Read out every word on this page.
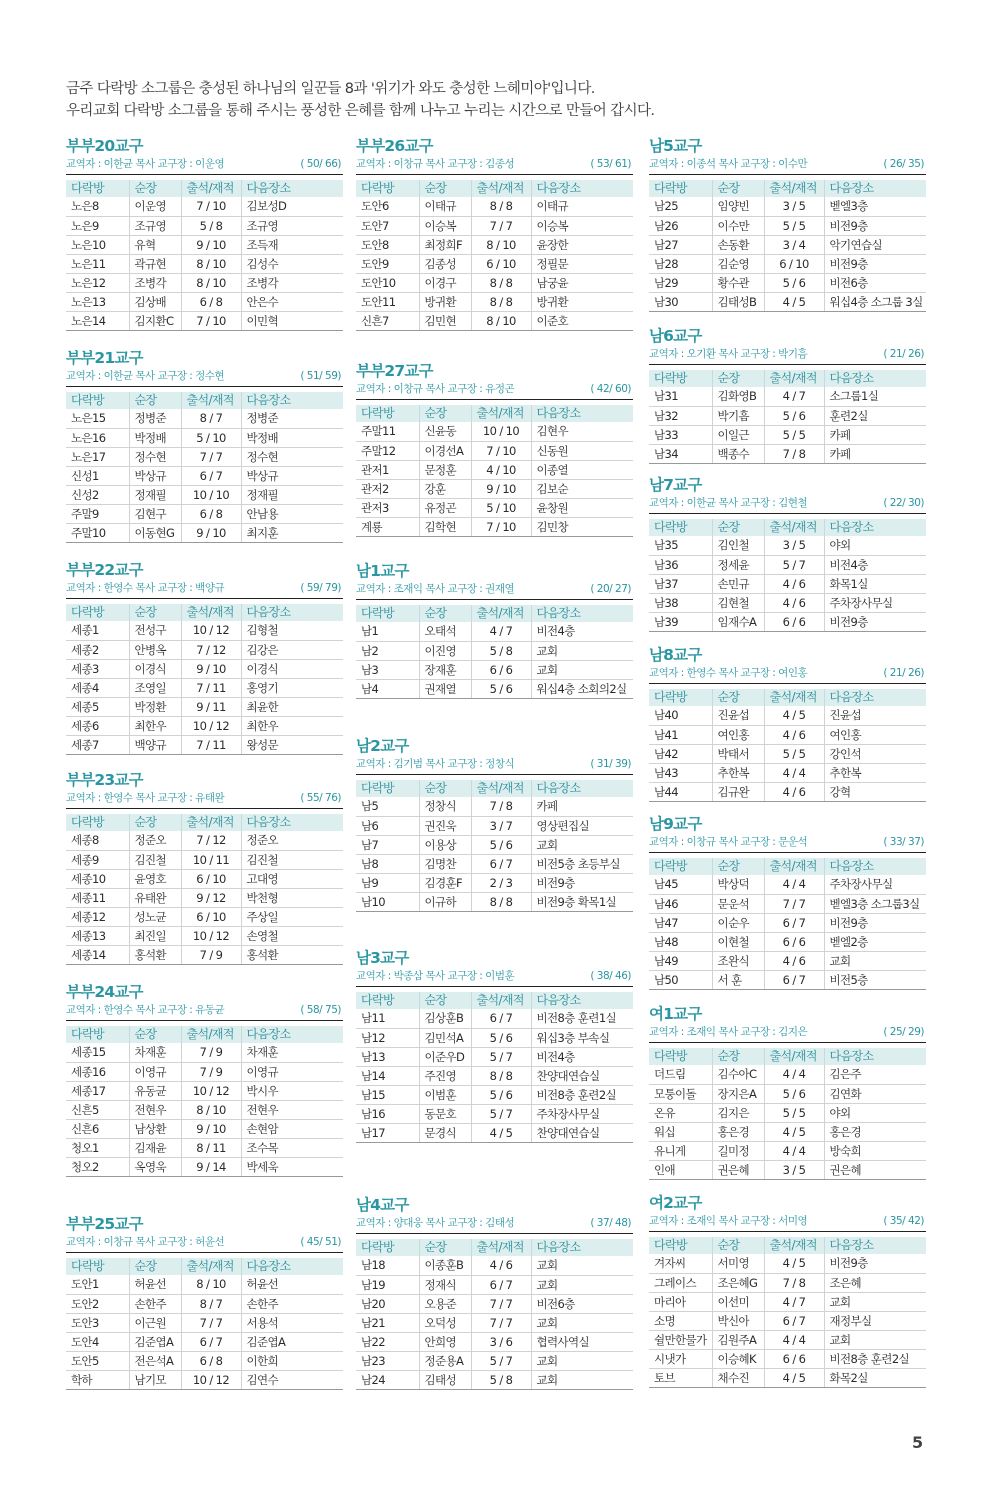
금주 다락방 소그룹은 충성된 하나님의 일꾼들 8과 '위기가 와도 충성한 느헤미야'입니다.

우리교회 다락방 소그룹을 통해 주시는 풍성한 은혜를 함께 나누고 누리는 시간으로 만들어 갑시다.

부부20교구
교역자 : 이한균 목사 교구장 : 이운영	( 50/ 66)
다락방	순장	출석/재적	다음장소
노은8	이운영	7 / 10	김보성D
노은9	조규영	5 / 8	조규영
노은10	유혁	9 / 10	조득재
노은11	곽규현	8 / 10	김성수
노은12	조병각	8 / 10	조병각
노은13	김상배	6 / 8	안은수
노은14	김지환C	7 / 10	이민혁
부부21교구
교역자 : 이한균 목사 교구장 : 정수현	( 51/ 59)
다락방	순장	출석/재적	다음장소
노은15	정병준	8 / 7	정병준
노은16	박정배	5 / 10	박정배
노은17	정수현	7 / 7	정수현
신성1	박상규	6 / 7	박상규
신성2	정재필	10 / 10	정재필
주말9	김현구	6 / 8	안남용
주말10	이동현G	9 / 10	최지훈
부부22교구
교역자 : 한영수 목사 교구장 : 백양규	( 59/ 79)
다락방	순장	출석/재적	다음장소
세종1	전성구	10 / 12	김형철
세종2	안병옥	7 / 12	김강은
세종3	이경식	9 / 10	이경식
세종4	조영일	7 / 11	홍영기
세종5	박정환	9 / 11	최윤한
세종6	최한우	10 / 12	최한우
세종7	백양규	7 / 11	왕성문
부부23교구
교역자 : 한영수 목사 교구장 : 유태완	( 55/ 76)
다락방	순장	출석/재적	다음장소
세종8	정준오	7 / 12	정준오
세종9	김진철	10 / 11	김진철
세종10	윤영호	6 / 10	고대영
세종11	유태완	9 / 12	박천형
세종12	성노균	6 / 10	주상일
세종13	최진일	10 / 12	손영철
세종14	홍석환	7 / 9	홍석환
부부24교구
교역자 : 한영수 목사 교구장 : 유동균	( 58/ 75)
다락방	순장	출석/재적	다음장소
세종15	차재훈	7 / 9	차재훈
세종16	이영규	7 / 9	이영규
세종17	유동균	10 / 12	박시우
신흔5	전현우	8 / 10	전현우
신흔6	남상환	9 / 10	손현암
청오1	김재윤	8 / 11	조수목
청오2	옥영욱	9 / 14	박세욱
부부25교구
교역자 : 이창규 목사 교구장 : 허윤선	( 45/ 51)
다락방	순장	출석/재적	다음장소
도안1	허윤선	8 / 10	허윤선
도안2	손한주	8 / 7	손한주
도안3	이근원	7 / 7	서용석
도안4	김준엽A	6 / 7	김준엽A
도안5	전은석A	6 / 8	이한희
학하	남기모	10 / 12	김연수
부부26교구
교역자 : 이창규 목사 교구장 : 김종성	( 53/ 61)
다락방	순장	출석/재적	다음장소
도안6	이태규	8 / 8	이태규
도안7	이승복	7 / 7	이승복
도안8	최정희F	8 / 10	윤장한
도안9	김종성	6 / 10	정필문
도안10	이경구	8 / 8	남궁윤
도안11	방귀환	8 / 8	방귀환
신흔7	김민현	8 / 10	이준호
부부27교구
교역자 : 이창규 목사 교구장 : 유정곤	( 42/ 60)
다락방	순장	출석/재적	다음장소
주말11	신윤동	10 / 10	김현우
주말12	이경선A	7 / 10	신동원
관저1	문정훈	4 / 10	이종열
관저2	강훈	9 / 10	김보순
관저3	유정곤	5 / 10	윤창원
계룡	김학현	7 / 10	김민창
남1교구
교역자 : 조재익 목사 교구장 : 권재열	( 20/ 27)
다락방	순장	출석/재적	다음장소
남1	오태석	4 / 7	비전4층
남2	이진영	5 / 8	교회
남3	장재훈	6 / 6	교회
남4	권재열	5 / 6	워십4층 소회의2실
남2교구
교역자 : 김기범 목사 교구장 : 정창식	( 31/ 39)
다락방	순장	출석/재적	다음장소
남5	정창식	7 / 8	카페
남6	권진욱	3 / 7	영상편집실
남7	이용상	5 / 6	교회
남8	김명찬	6 / 7	비전5층 초등부실
남9	김경훈F	2 / 3	비전9층
남10	이규하	8 / 8	비전9층 확목1실
남3교구
교역자 : 박종삼 목사 교구장 : 이범훈	( 38/ 46)
다락방	순장	출석/재적	다음장소
남11	김상훈B	6 / 7	비전8층 훈련1실
남12	김민석A	5 / 6	워십3층 부속실
남13	이준우D	5 / 7	비전4층
남14	주진영	8 / 8	찬양대연습실
남15	이범훈	5 / 6	비전8층 훈련2실
남16	동문호	5 / 7	주차장사무실
남17	문경식	4 / 5	찬양대연습실
남4교구
교역자 : 양대웅 목사 교구장 : 김태성	( 37/ 48)
다락방	순장	출석/재적	다음장소
남18	이종훈B	4 / 6	교회
남19	정재식	6 / 7	교회
남20	오용준	7 / 7	비전6층
남21	오덕성	7 / 7	교회
남22	안희영	3 / 6	협력사역실
남23	정준용A	5 / 7	교회
남24	김태성	5 / 8	교회
남5교구
교역자 : 이종석 목사 교구장 : 이수만	( 26/ 35)
다락방	순장	출석/재적	다음장소
남25	임양빈	3 / 5	벧엘3층
남26	이수만	5 / 5	비전9층
남27	손동환	3 / 4	악기연습실
남28	김순영	6 / 10	비전9층
남29	황수관	5 / 6	비전6층
남30	김태성B	4 / 5	워십4층 소그룹 3실
남6교구
교역자 : 오기환 목사 교구장 : 박기흠	( 21/ 26)
다락방	순장	출석/재적	다음장소
남31	김화영B	4 / 7	소그룹1실
남32	박기흠	5 / 6	훈련2실
남33	이일근	5 / 5	카페
남34	백종수	7 / 8	카페
남7교구
교역자 : 이한균 목사 교구장 : 김현철	( 22/ 30)
다락방	순장	출석/재적	다음장소
남35	김인철	3 / 5	야외
남36	정세윤	5 / 7	비전4층
남37	손민규	4 / 6	화목1실
남38	김현철	4 / 6	주차장사무실
남39	임재수A	6 / 6	비전9층
남8교구
교역자 : 한영수 목사 교구장 : 여인홍	( 21/ 26)
다락방	순장	출석/재적	다음장소
남40	진윤섭	4 / 5	진윤섭
남41	여인홍	4 / 6	여인홍
남42	박태서	5 / 5	강인석
남43	추한복	4 / 4	추한복
남44	김규완	4 / 6	강혁
남9교구
교역자 : 이창규 목사 교구장 : 문운석	( 33/ 37)
다락방	순장	출석/재적	다음장소
남45	박상덕	4 / 4	주차장사무실
남46	문운석	7 / 7	벧엘3층 소그룹3실
남47	이순우	6 / 7	비전9층
남48	이현철	6 / 6	벧엘2층
남49	조완식	4 / 6	교회
남50	서 훈	6 / 7	비전5층
여1교구
교역자 : 조재익 목사 교구장 : 김지은	( 25/ 29)
다락방	순장	출석/재적	다음장소
더드림	김수아C	4 / 4	김은주
모퉁이돌	장지은A	5 / 6	김연화
온유	김지은	5 / 5	야외
워십	홍은경	4 / 5	홍은경
유니게	길미정	4 / 4	방숙희
인애	권은혜	3 / 5	권은혜
여2교구
교역자 : 조재익 목사 교구장 : 서미영	( 35/ 42)
다락방	순장	출석/재적	다음장소
겨자씨	서미영	4 / 5	비전9층
그레이스	조은혜G	7 / 8	조은혜
마리아	이선미	4 / 7	교회
소명	박신아	6 / 7	재정부실
쉴만한물가	김원주A	4 / 4	교회
시냇가	이승혜K	6 / 6	비전8층 훈련2실
토브	채수진	4 / 5	화목2실
5
